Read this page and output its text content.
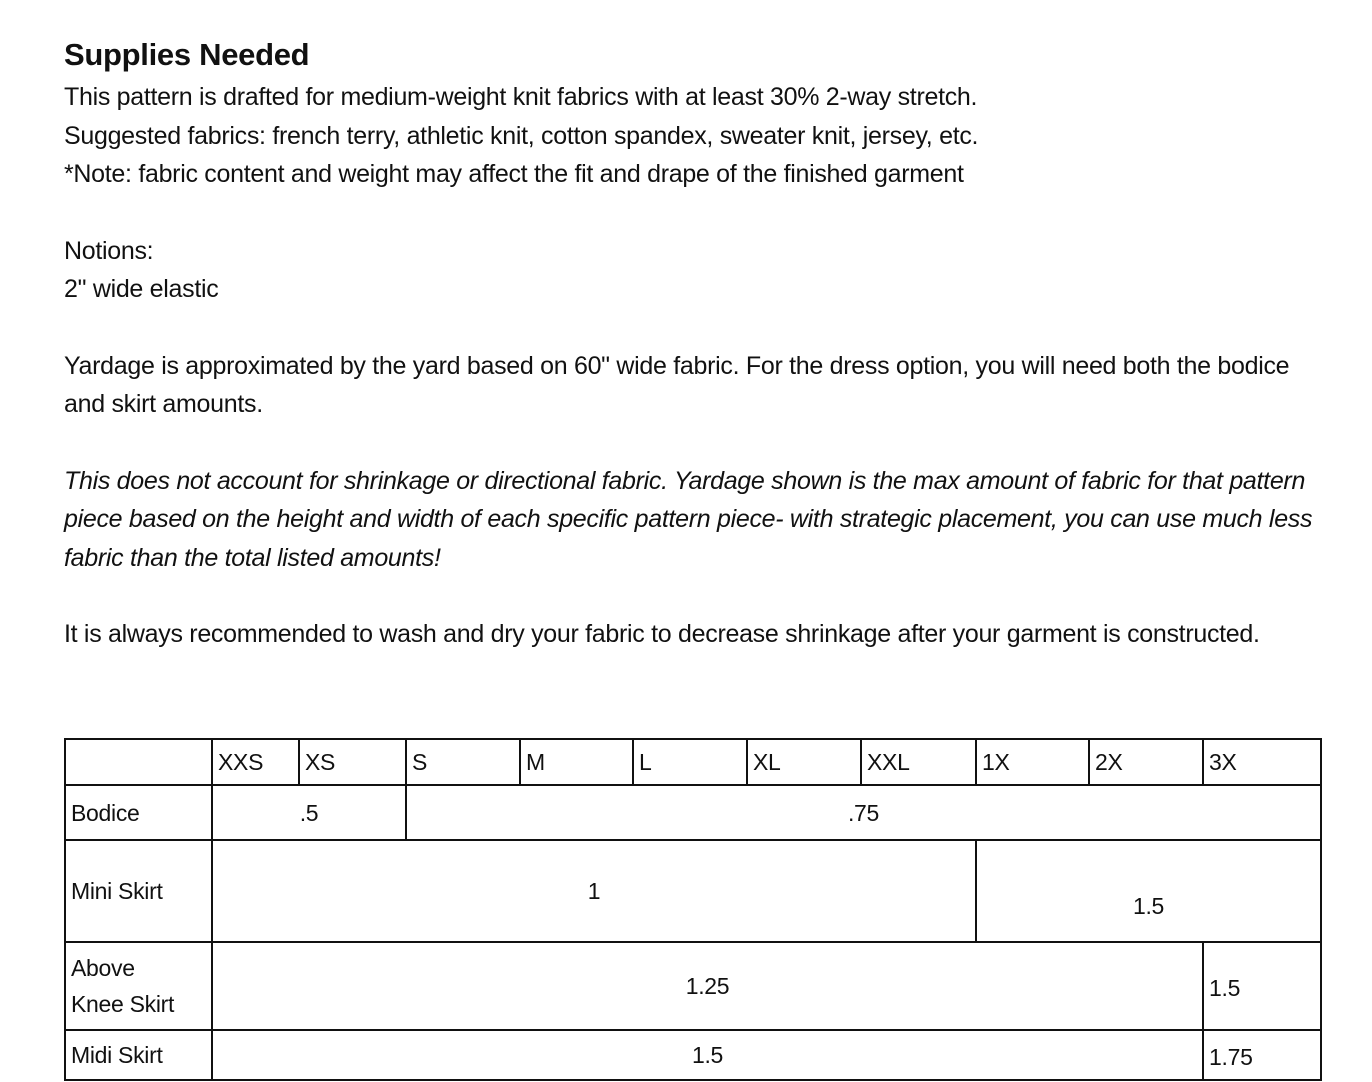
Supplies Needed

This pattern is drafted for medium-weight knit fabrics with at least 30% 2-way stretch.

Suggested fabrics: french terry, athletic knit, cotton spandex, sweater knit, jersey, etc.

*Note: fabric content and weight may affect the fit and drape of the finished garment

Notions:

2" wide elastic

Yardage is approximated by the yard based on 60" wide fabric. For the dress option, you will need both the bodice and skirt amounts.

This does not account for shrinkage or directional fabric. Yardage shown is the max amount of fabric for that pattern piece based on the height and width of each specific pattern piece- with strategic placement, you can use much less fabric than the total listed amounts!

It is always recommended to wash and dry your fabric to decrease shrinkage after your garment is constructed.

	XXS	XS	S	M	L	XL	XXL	1X	2X	3X
Bodice	.5		.75							
Mini Skirt	1							1.5		
Above
Knee Skirt	1.25									1.5
Midi Skirt	1.5									1.75
